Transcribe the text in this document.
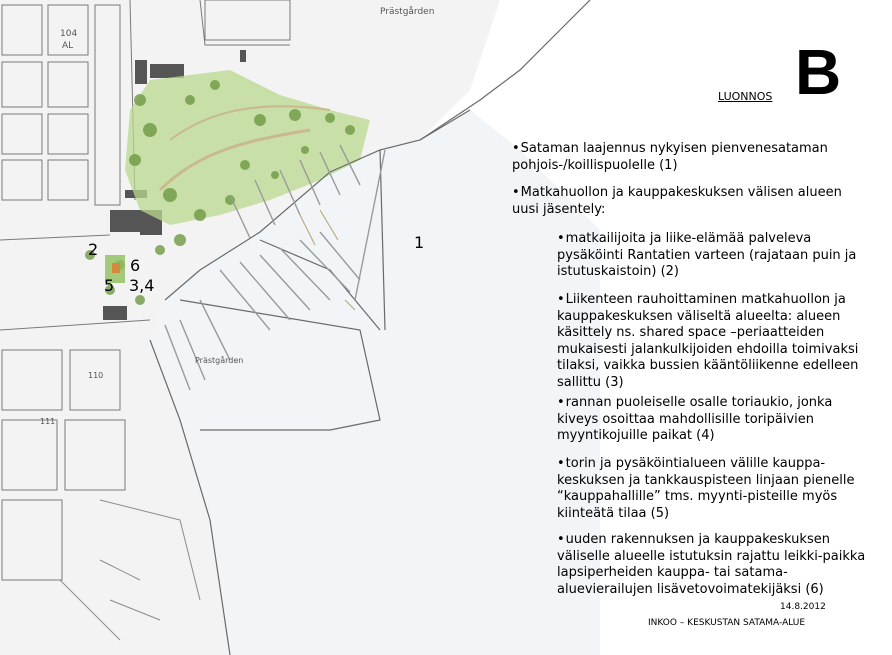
Prästgården
Prästgården
104
AL
110
111
1
2
6
5 3,4
LUONNOS B
•Sataman laajennus nykyisen pienvenesataman pohjois-/koillispuolelle (1)
•Matkahuollon ja kauppakeskuksen välisen alueen uusi jäsentely:
•matkailijoita ja liike-elämää palveleva pysäköinti Rantatien varteen (rajataan puin ja istutuskaistoin) (2)
•Liikenteen rauhoittaminen matkahuollon ja kauppakeskuksen väliseltä alueelta: alueen käsittely ns. shared space –periaatteiden mukaisesti jalankulkijoiden ehdoilla toimivaksi tilaksi, vaikka bussien kääntöliikenne edelleen sallittu (3)
•rannan puoleiselle osalle toriaukio, jonka kiveys osoittaa mahdollisille toripäivien myyntikojuille paikat (4)
•torin ja pysäköintialueen välille kauppa-keskuksen ja tankkauspisteen linjaan pienelle “kauppahallille” tms. myynti-pisteille myös kiinteätä tilaa (5)
•uuden rakennuksen ja kauppakeskuksen väliselle alueelle istutuksin rajattu leikki-paikka lapsiperheiden kauppa- tai satama-aluevierailujen lisävetovoimatekijäksi (6)
14.8.2012
INKOO – KESKUSTAN SATAMA-ALUE
